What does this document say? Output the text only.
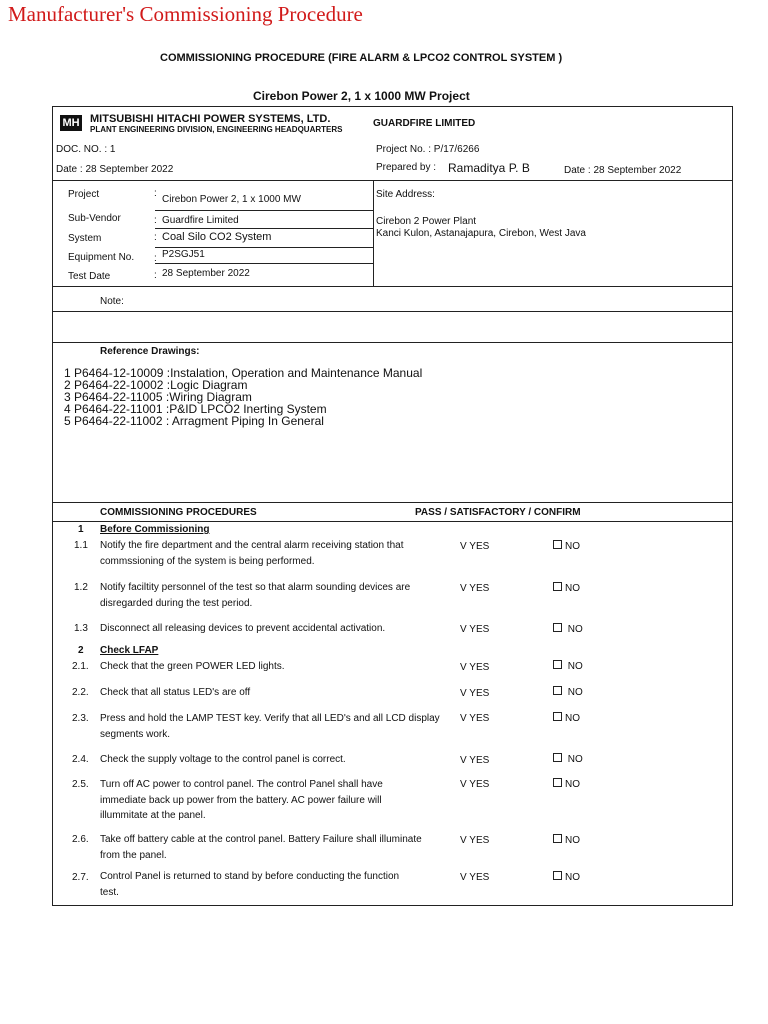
Manufacturer's Commissioning Procedure
COMMISSIONING PROCEDURE (FIRE ALARM & LPCO2 CONTROL SYSTEM )
Cirebon Power 2, 1 x 1000 MW Project
MH MITSUBISHI HITACHI POWER SYSTEMS, LTD.
PLANT ENGINEERING DIVISION, ENGINEERING HEADQUARTERS
GUARDFIRE LIMITED
DOC. NO. : 1	Project No. : P/17/6266
Date : 28 September 2022	Prepared by : Ramaditya P. B	Date : 28 September 2022
Project	:
Cirebon Power 2, 1 x 1000 MW
Sub-Vendor	: Guardfire Limited
System	: Coal Silo CO2 System
Equipment No. : P2SGJ51
Test Date	: 28 September 2022
Site Address:
Cirebon 2 Power Plant
Kanci Kulon, Astanajapura, Cirebon, West Java
Note:
Reference Drawings:
1 P6464-12-10009 :Instalation, Operation and Maintenance Manual
2 P6464-22-10002 :Logic Diagram
3 P6464-22-11005 :Wiring Diagram
4 P6464-22-11001 :P&ID LPCO2 Inerting System
5 P6464-22-11002 : Arragment Piping In General
COMMISSIONING PROCEDURES	PASS / SATISFACTORY / CONFIRM
1 Before Commissioning
1.1 Notify the fire department and the central alarm receiving station that commssioning of the system is being performed.
V YES	NO
1.2 Notify faciltity personnel of the test so that alarm sounding devices are disregarded during the test period.
V YES	NO
1.3 Disconnect all releasing devices to prevent accidental activation.	V YES	NO
2 Check LFAP
2.1. Check that the green POWER LED lights.	V YES	NO
2.2. Check that all status LED's are off	V YES	NO
2.3. Press and hold the LAMP TEST key. Verify that all LED's and all LCD display segments work.
V YES	NO
2.4. Check the supply voltage to the control panel is correct.	V YES	NO
2.5. Turn off AC power to control panel. The control Panel shall have immediate back up power from the battery. AC power failure will illummitate at the panel.
V YES	NO
2.6. Take off battery cable at the control panel. Battery Failure shall illuminate from the panel.
V YES	NO
2.7. Control Panel is returned to stand by before conducting the function test.
V YES	NO
